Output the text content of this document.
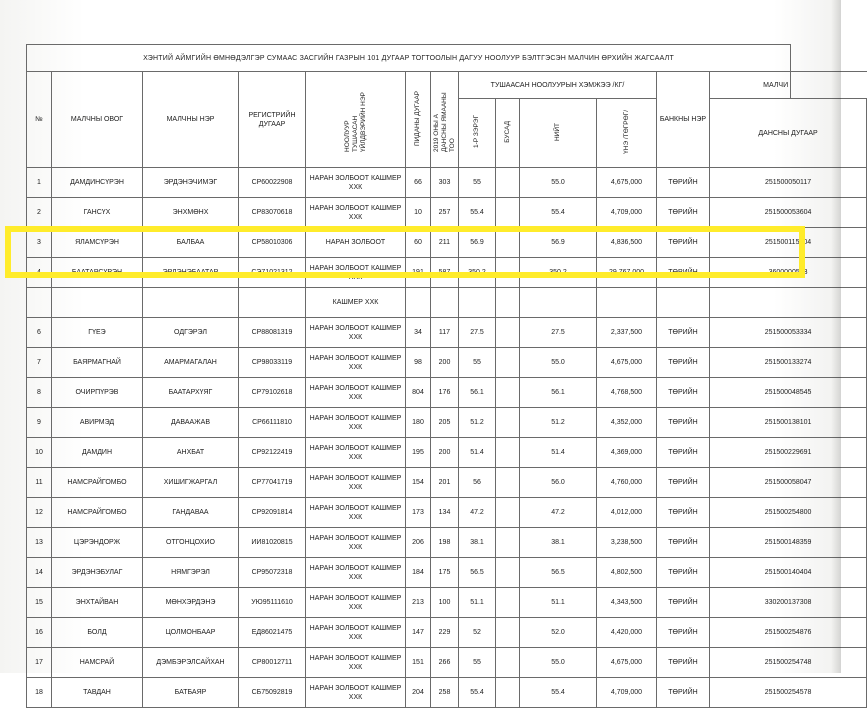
ХЭНТИЙ АЙМГИЙН ӨМНӨДЭЛГЭР СУМААС ЗАСГИЙН ГАЗРЫН 101 ДУГААР ТОГТООЛЫН ДАГУУ НООЛУУР БЭЛТГЭСЭН МАЛЧИН ӨРХИЙН ЖАГСААЛТ													
№	МАЛЧНЫ ОВОГ	МАЛЧНЫ НЭР	РЕГИСТРИЙН ДУГААР	НООЛУУР ТУШААСАН ҮЙЛДВЭРИЙН НЭР	ПИДАНЫ ДУГААР	2019 ОНЫ А ДАНСНЫ ЯМААНЫ ТОО	ТУШААСАН НООЛУУРЫН ХЭМЖЭЭ /КГ/				БАНКНЫ НЭР	МАЛЧИ	
							1-Р ЗЭРЭГ	БУСАД	НИЙТ	ҮНЭ /ТӨГРӨГ/		ДАНСНЫ ДУГААР	
1	ДАМДИНСҮРЭН	ЭРДЭНЭЧИМЭГ	СР60022908	НАРАН ЗОЛБООТ КАШМЕР ХХК	66	303	55		55.0	4,675,000	ТӨРИЙН	251500050117	
2	ГАНСҮХ	ЭНХМӨНХ	СР83070618	НАРАН ЗОЛБООТ КАШМЕР ХХК	10	257	55.4		55.4	4,709,000	ТӨРИЙН	251500053604	
3	ЯЛАМСҮРЭН	БАЛБАА	СР58010306	НАРАН ЗОЛБООТ	60	211	56.9		56.9	4,836,500	ТӨРИЙН	251500115304	
4	БААТАРСҮРЭН	ЭРДЭНЭБААТАР	СЭ71021312	НАРАН ЗОЛБООТ КАШМЕР ХХК	191	587	350.2		350.2	29,767,000	ТӨРИЙН	3600000523	
				КАШМЕР ХХК									
6	ГҮЕЭ	ОДГЭРЭЛ	СР88081319	НАРАН ЗОЛБООТ КАШМЕР ХХК	34	117	27.5		27.5	2,337,500	ТӨРИЙН	251500053334	
7	БАЯРМАГНАЙ	АМАРМАГАЛАН	СР98033119	НАРАН ЗОЛБООТ КАШМЕР ХХК	98	200	55		55.0	4,675,000	ТӨРИЙН	251500133274	
8	ОЧИРПҮРЭВ	БААТАРХҮЯГ	СР79102618	НАРАН ЗОЛБООТ КАШМЕР ХХК	804	176	56.1		56.1	4,768,500	ТӨРИЙН	251500048545	
9	АВИРМЭД	ДАВААЖАВ	СР66111810	НАРАН ЗОЛБООТ КАШМЕР ХХК	180	205	51.2		51.2	4,352,000	ТӨРИЙН	251500138101	
10	ДАМДИН	АНХБАТ	СР92122419	НАРАН ЗОЛБООТ КАШМЕР ХХК	195	200	51.4		51.4	4,369,000	ТӨРИЙН	251500229691	
11	НАМСРАЙГОМБО	ХИШИГЖАРГАЛ	СР77041719	НАРАН ЗОЛБООТ КАШМЕР ХХК	154	201	56		56.0	4,760,000	ТӨРИЙН	251500058047	
12	НАМСРАЙГОМБО	ГАНДАВАА	СР92091814	НАРАН ЗОЛБООТ КАШМЕР ХХК	173	134	47.2		47.2	4,012,000	ТӨРИЙН	251500254800	
13	ЦЭРЭНДОРЖ	ОТГОНЦОХИО	ИИ81020815	НАРАН ЗОЛБООТ КАШМЕР ХХК	206	198	38.1		38.1	3,238,500	ТӨРИЙН	251500148359	
14	ЭРДЭНЭБУЛАГ	НЯМГЭРЭЛ	СР95072318	НАРАН ЗОЛБООТ КАШМЕР ХХК	184	175	56.5		56.5	4,802,500	ТӨРИЙН	251500140404	
15	ЭНХТАЙВАН	МӨНХЭРДЭНЭ	УЮ95111610	НАРАН ЗОЛБООТ КАШМЕР ХХК	213	100	51.1		51.1	4,343,500	ТӨРИЙН	330200137308	
16	БОЛД	ЦОЛМОНБААР	ЕД86021475	НАРАН ЗОЛБООТ КАШМЕР ХХК	147	229	52		52.0	4,420,000	ТӨРИЙН	251500254876	
17	НАМСРАЙ	ДЭМБЭРЭЛСАЙХАН	СР80012711	НАРАН ЗОЛБООТ КАШМЕР ХХК	151	266	55		55.0	4,675,000	ТӨРИЙН	251500254748	
18	ТАВДАН	БАТБАЯР	СБ75092819	НАРАН ЗОЛБООТ КАШМЕР ХХК	204	258	55.4		55.4	4,709,000	ТӨРИЙН	251500254578	
